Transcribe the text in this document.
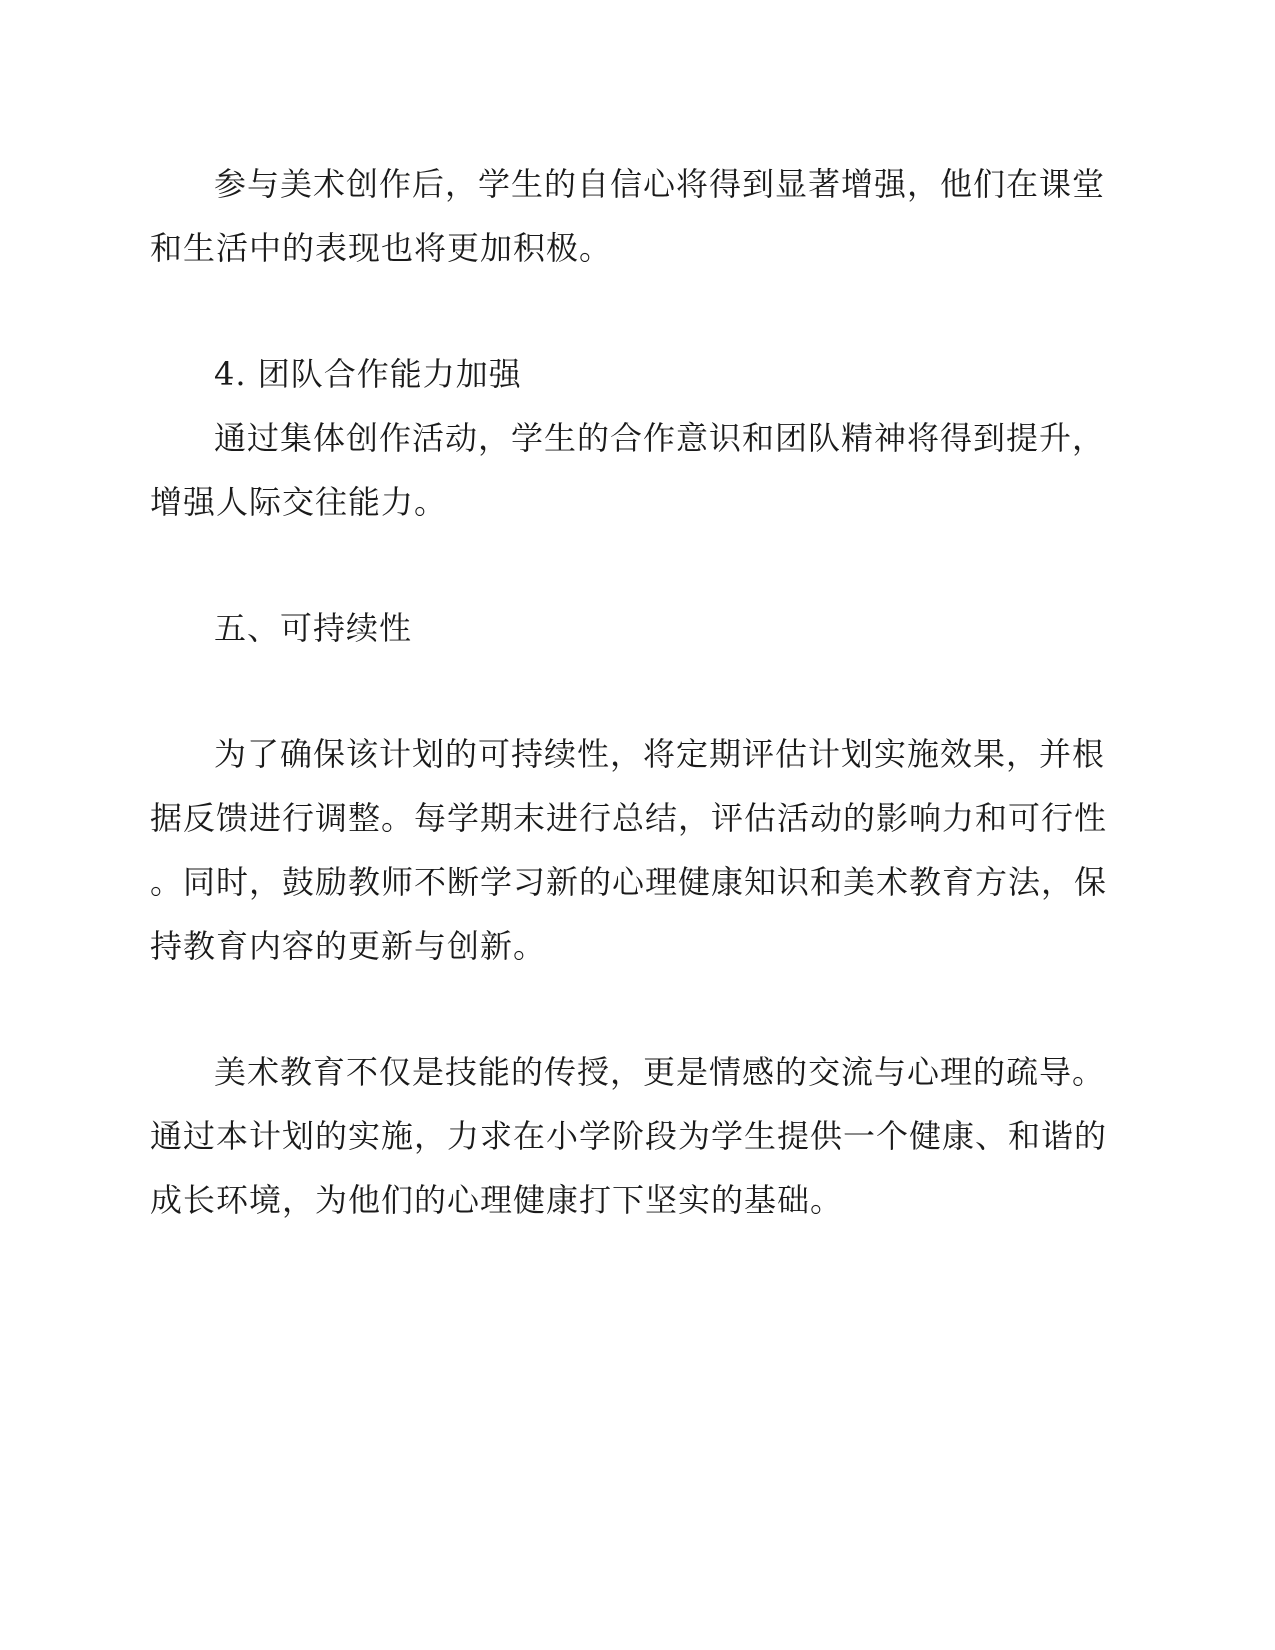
参与美术创作后，学生的自信心将得到显著增强，他们在课堂
和生活中的表现也将更加积极。

4. 团队合作能力加强

通过集体创作活动，学生的合作意识和团队精神将得到提升，
增强人际交往能力。

五、可持续性

为了确保该计划的可持续性，将定期评估计划实施效果，并根
据反馈进行调整。每学期末进行总结，评估活动的影响力和可行性
。同时，鼓励教师不断学习新的心理健康知识和美术教育方法，保
持教育内容的更新与创新。

美术教育不仅是技能的传授，更是情感的交流与心理的疏导。
通过本计划的实施，力求在小学阶段为学生提供一个健康、和谐的
成长环境，为他们的心理健康打下坚实的基础。
